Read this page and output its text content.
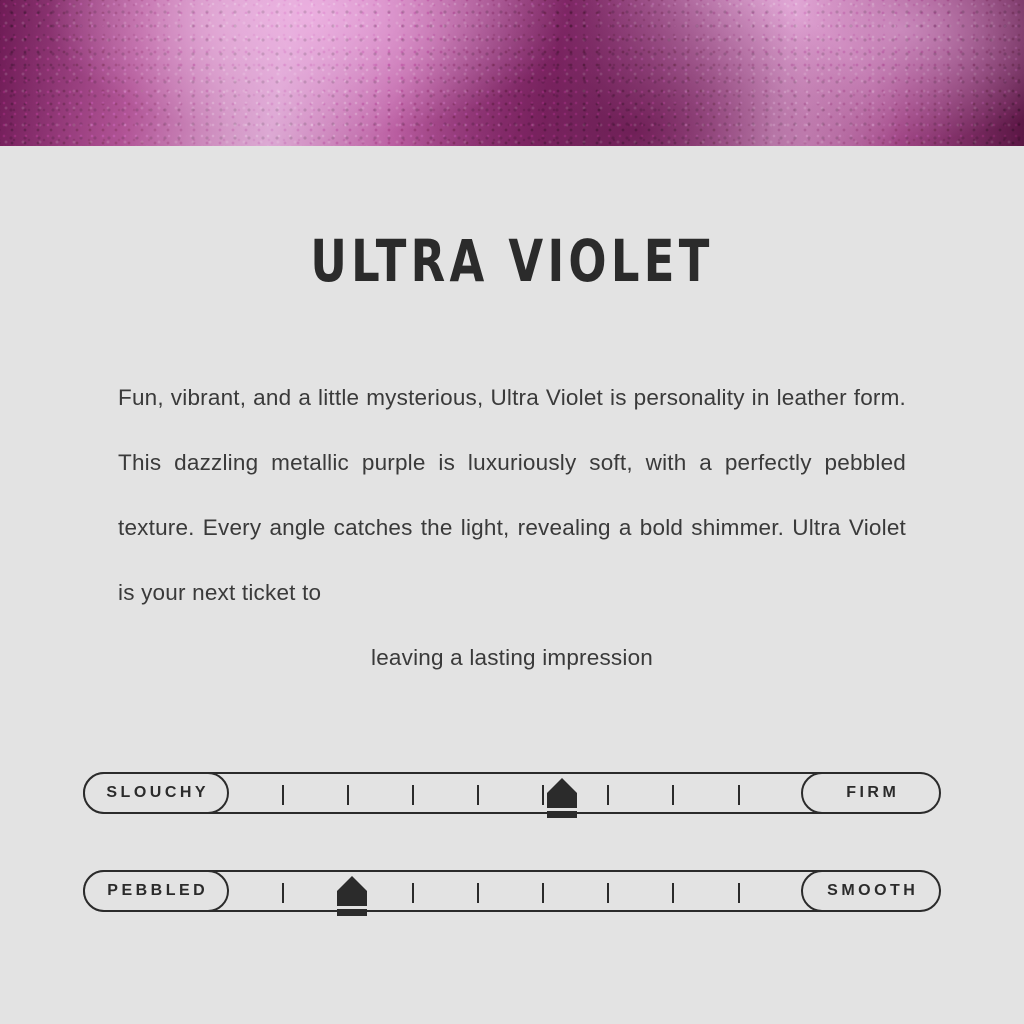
ULTRA VIOLET
Fun, vibrant, and a little mysterious, Ultra Violet is personality in leather form. This dazzling metallic purple is luxuriously soft, with a perfectly pebbled texture. Every angle catches the light, revealing a bold shimmer. Ultra Violet is your next ticket to
leaving a lasting impression
SLOUCHY	FIRM
PEBBLED	SMOOTH
